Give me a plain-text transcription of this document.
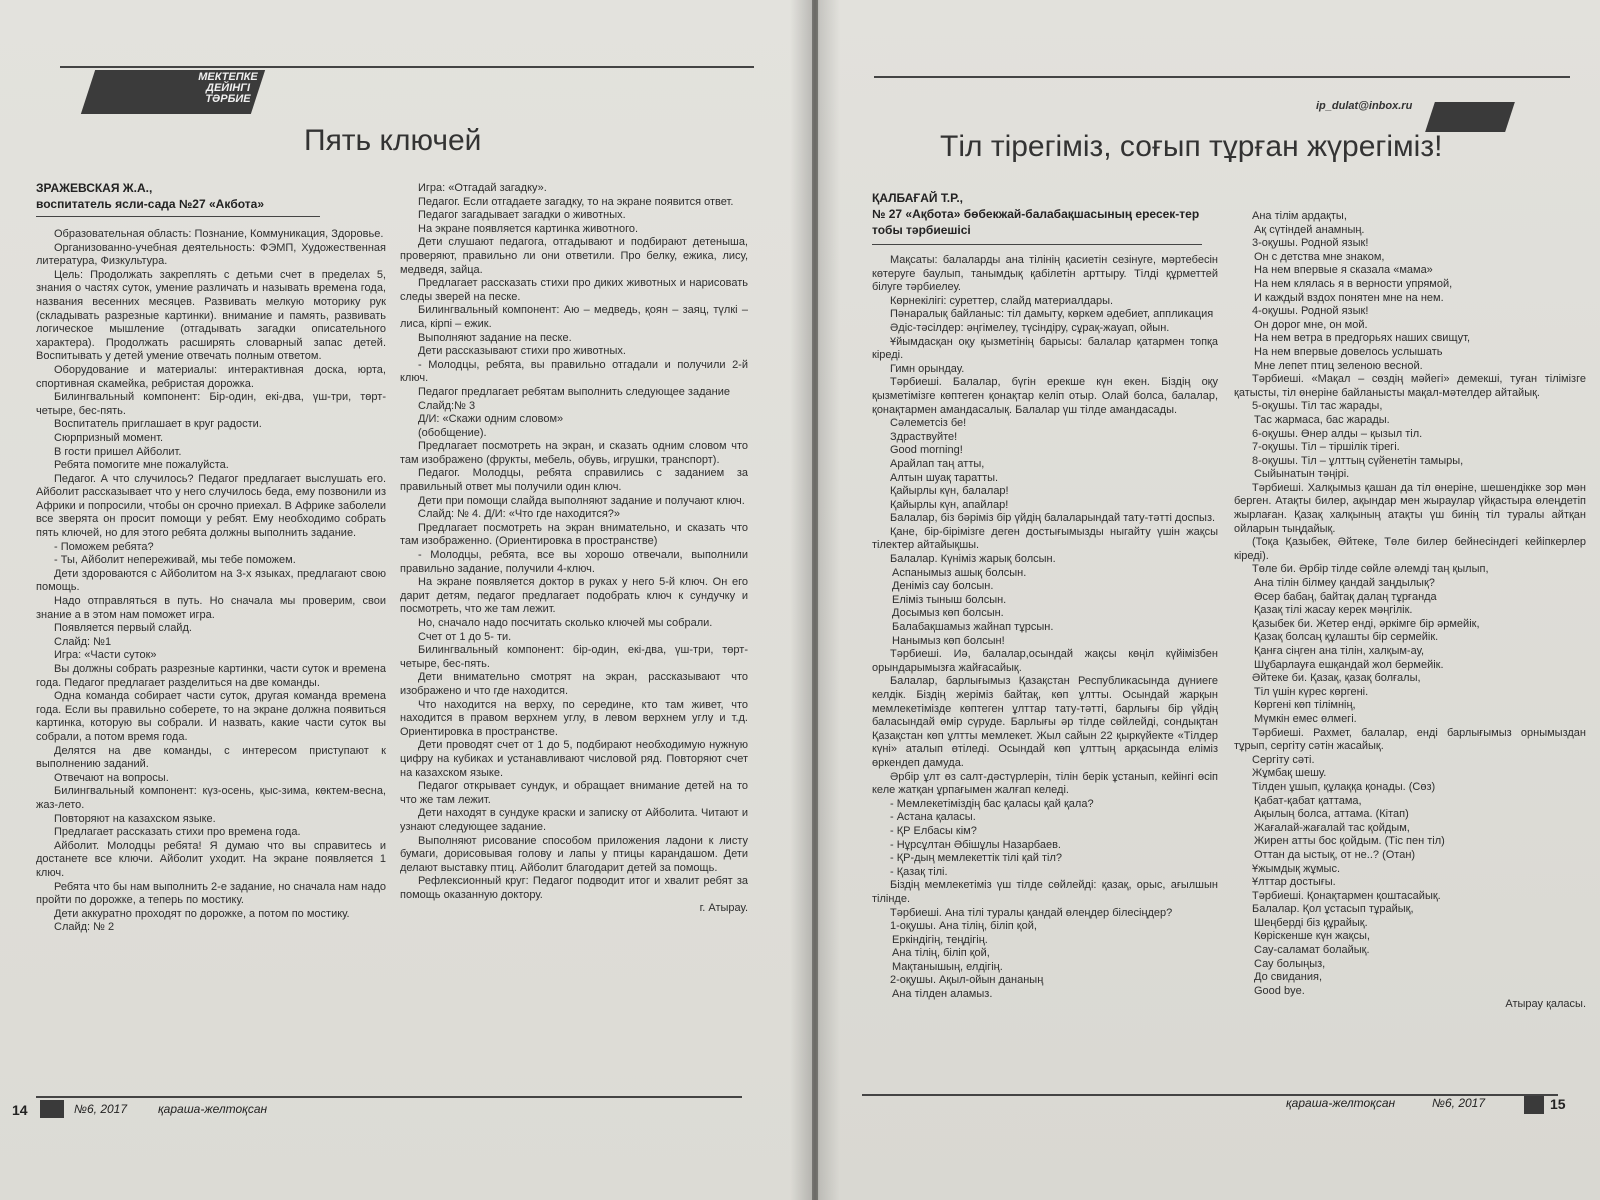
МЕКТЕПКЕ
ДЕЙІНГІ
ТӘРБИЕ
Пять ключей
ЗРАЖЕВСКАЯ Ж.А.,
воспитатель ясли-сада №27 «Акбота»

Образовательная область: Познание, Коммуникация, Здоровье.

Организованно-учебная деятельность: ФЭМП, Художественная литература, Физкультура.

Цель: Продолжать закреплять с детьми счет в пределах 5, знания о частях суток, умение различать и называть времена года, названия весенних месяцев. Развивать мелкую моторику рук (складывать разрезные картинки). внимание и память, развивать логическое мышление (отгадывать загадки описательного характера). Продолжать расширять словарный запас детей. Воспитывать у детей умение отвечать полным ответом.

Оборудование и материалы: интерактивная доска, юрта, спортивная скамейка, ребристая дорожка.

Билингвальный компонент: Бір-один, екі-два, үш-три, төрт-четыре, бес-пять.

Воспитатель приглашает в круг радости.

Сюрпризный момент.

В гости пришел Айболит.

Ребята помогите мне пожалуйста.

Педагог. А что случилось? Педагог предлагает выслушать его. Айболит рассказывает что у него случилось беда, ему позвонили из Африки и попросили, чтобы он срочно приехал. В Африке заболели все зверята он просит помощи у ребят. Ему необходимо собрать пять ключей, но для этого ребята должны выполнить задание.

- Поможем ребята?

- Ты, Айболит непереживай, мы тебе поможем.

Дети здороваются с Айболитом на 3-х языках, предлагают свою помощь.

Надо отправляться в путь. Но сначала мы проверим, свои знание а в этом нам поможет игра.

Появляется первый слайд.

Слайд: №1

Игра: «Части суток»

Вы должны собрать разрезные картинки, части суток и времена года. Педагог предлагает разделиться на две команды.

Одна команда собирает части суток, другая команда времена года. Если вы правильно соберете, то на экране должна появиться картинка, которую вы собрали. И назвать, какие части суток вы собрали, а потом время года.

Делятся на две команды, с интересом приступают к выполнению заданий.

Отвечают на вопросы.

Билингвальный компонент: күз-осень, қыс-зима, көктем-весна, жаз-лето.

Повторяют на казахском языке.

Предлагает рассказать стихи про времена года.

Айболит. Молодцы ребята! Я думаю что вы справитесь и достанете все ключи. Айболит уходит. На экране появляется 1 ключ.

Ребята что бы нам выполнить 2-е задание, но сначала нам надо пройти по дорожке, а теперь по мостику.

Дети аккуратно проходят по дорожке, а потом по мостику.

Слайд: № 2

Игра: «Отгадай загадку».

Педагог. Если отгадаете загадку, то на экране появится ответ.

Педагог загадывает загадки о животных.

На экране появляется картинка животного.

Дети слушают педагога, отгадывают и подбирают детеныша, проверяют, правильно ли они ответили. Про белку, ежика, лису, медведя, зайца.

Предлагает рассказать стихи про диких животных и нарисовать следы зверей на песке.

Билингвальный компонент: Аю – медведь, қоян – заяц, түлкі – лиса, кірпі – ежик.

Выполняют задание на песке.

Дети рассказывают стихи про животных.

- Молодцы, ребята, вы правильно отгадали и получили 2-й ключ.

Педагог предлагает ребятам выполнить следующее задание

Слайд:№ 3

Д/И: «Скажи одним словом»

(обобщение).

Предлагает посмотреть на экран, и сказать одним словом что там изображено (фрукты, мебель, обувь, игрушки, транспорт).

Педагог. Молодцы, ребята справились с заданием за правильный ответ мы получили один ключ.

Дети при помощи слайда выполняют задание и получают ключ.

Слайд: № 4. Д/И: «Что где находится?»

Предлагает посмотреть на экран внимательно, и сказать что там изображенно. (Ориентировка в пространстве)

- Молодцы, ребята, все вы хорошо отвечали, выполнили правильно задание, получили 4-ключ.

На экране появляется доктор в руках у него 5-й ключ. Он его дарит детям, педагог предлагает подобрать ключ к сундучку и посмотреть, что же там лежит.

Но, сначало надо посчитать сколько ключей мы собрали.

Счет от 1 до 5- ти.

Билингвальный компонент: бір-один, екі-два, үш-три, төрт-четыре, бес-пять.

Дети внимательно смотрят на экран, рассказывают что изображено и что где находится.

Что находится на верху, по середине, кто там живет, что находится в правом верхнем углу, в левом верхнем углу и т.д. Ориентировка в пространстве.

Дети проводят счет от 1 до 5, подбирают необходимую нужную цифру на кубиках и устанавливают числовой ряд. Повторяют счет на казахском языке.

Педагог открывает сундук, и обращает внимание детей на то что же там лежит.

Дети находят в сундуке краски и записку от Айболита. Читают и узнают следующее задание.

Выполняют рисование способом приложения ладони к листу бумаги, дорисовывая голову и лапы у птицы карандашом. Дети делают выставку птиц. Айболит благодарит детей за помощь.

Рефлексионный круг: Педагог подводит итог и хвалит ребят за помощь оказанную доктору.

г. Атырау.

14	№6, 2017	қараша-желтоқсан
ip_dulat@inbox.ru
Тіл тірегіміз, соғып тұрған жүрегіміз!
ҚАЛБАҒАЙ Т.Р.,
№ 27 «Ақбота» бөбекжай-балабақшасының ересек-тер тобы тәрбиешісі

Мақсаты: балаларды ана тілінің қасиетін сезінуге, мәртебесін көтеруге баулып, танымдық қабілетін арттыру. Тілді құрметтей білуге тәрбиелеу.

Көрнекілігі: суреттер, слайд материалдары.

Пәнаралық байланыс: тіл дамыту, көркем әдебиет, аппликация

Әдіс-тәсілдер: әңгімелеу, түсіндіру, сұрақ-жауап, ойын.

Ұйымдасқан оқу қызметінің барысы: балалар қатармен топқа кіреді.

Гимн орындау.

Тәрбиеші. Балалар, бүгін ерекше күн екен. Біздің оқу қызметімізге көптеген қонақтар келіп отыр. Олай болса, балалар, қонақтармен амандасалық. Балалар үш тілде амандасады.

Сәлеметсіз бе!

Здраствуйте!

Good morning!

Арайлап таң атты,

Алтын шуақ таратты.

Қайырлы күн, балалар!

Қайырлы күн, апайлар!

Балалар, біз бәріміз бір үйдің балаларындай тату-тәтті доспыз.

Қане, бір-бірімізге деген достығымызды ныгайту үшін жақсы тілектер айтайықшы.

Балалар. Күніміз жарық болсын.

Аспанымыз ашық болсын.

Деніміз сау болсын.

Еліміз тыныш болсын.

Досымыз көп болсын.

Балабақшамыз жайнап тұрсын.

Нанымыз көп болсын!

Тәрбиеші. Иә, балалар,осындай жақсы көңіл күйімізбен орындарымызға жайғасайық.

Балалар, барлығымыз Қазақстан Республикасында дүниеге келдік. Біздің жеріміз байтақ, көп ұлтты. Осындай жарқын мемлекетімізде көптеген ұлттар тату-тәтті, барлығы бір үйдің баласындай өмір сүруде. Барлығы әр тілде сөйлейді, сондықтан Қазақстан көп ұлтты мемлекет. Жыл сайын 22 қыркүйекте «Тілдер күні» аталып өтіледі. Осындай көп ұлттың арқасында еліміз өркендеп дамуда.

Әрбір ұлт өз салт-дәстүрлерін, тілін берік ұстанып, кейінгі өсіп келе жатқан ұрпағымен жалғап келеді.

- Мемлекетіміздің бас қаласы қай қала?

- Астана қаласы.

- ҚР Елбасы кім?

- Нұрсұлтан Әбішұлы Назарбаев.

- ҚР-дың мемлекеттік тілі қай тіл?

- Қазақ тілі.

Біздің мемлекетіміз үш тілде сөйлейді: қазақ, орыс, ағылшын тілінде.

Тәрбиеші. Ана тілі туралы қандай өлеңдер білесіңдер?

1-оқушы. Ана тілің, біліп қой,

Еркіндігің, теңдігің.

Ана тілің, біліп қой,

Мақтанышың, елдігің.

2-оқушы. Ақыл-ойын дананың

Ана тілден аламыз.

Ана тілім ардақты,

Ақ сүтіндей анамның.

3-оқушы. Родной язык!

Он с детства мне знаком,

На нем впервые я сказала «мама»

На нем клялась я в верности упрямой,

И каждый вздох понятен мне на нем.

4-оқушы. Родной язык!

Он дорог мне, он мой.

На нем ветра в предгорьях наших свищут,

На нем впервые довелось услышать

Мне лепет птиц зеленою весной.

Тәрбиеші. «Мақал – сөздің мәйегі» демекші, туған тілімізге қатысты, тіл өнеріне байланысты мақал-мәтелдер айтайық.

5-оқушы. Тіл тас жарады,

Тас жармаса, бас жарады.

6-оқушы. Өнер алды – қызыл тіл.

7-оқушы. Тіл – тіршілік тірегі.

8-оқушы. Тіл – ұлттың сүйенетін тамыры,

Сыйынатын тәңірі.

Тәрбиеші. Халқымыз қашан да тіл өнеріне, шешендікке зор мән берген. Атақты билер, ақындар мен жыраулар үйқастыра өлеңдетіп жырлаған. Қазақ халқының атақты үш бинің тіл туралы айтқан ойларын тыңдайық.

(Тоқа Қазыбек, Әйтеке, Төле билер бейнесіндегі кейіпкерлер кіреді).

Төле би. Әрбір тілде сөйле әлемді таң қылып,

Ана тілін білмеу қандай заңдылық?

Өсер бабаң, байтақ далаң тұрғанда

Қазақ тілі жасау керек мәңгілік.

Қазыбек би. Жетер енді, әркімге бір әрмейік,

Қазақ болсаң құлашты бір сермейік.

Қанға сіңген ана тілін, халқым-ау,

Шұбарлауға ешқандай жол бермейік.

Әйтеке би. Қазақ, қазақ болғалы,

Тіл үшін күрес көргені.

Көргені көп тілімнің,

Мүмкін емес өлмегі.

Тәрбиеші. Рахмет, балалар, енді барлығымыз орнымыздан тұрып, сергіту сәтін жасайық.

Сергіту сәті.

Жұмбақ шешу.

Тілден ұшып, құлаққа қонады. (Сөз)

Қабат-қабат қаттама,

Ақылың болса, аттама. (Кітап)

Жағалай-жағалай тас қойдым,

Жирен атты бос қойдым. (Тіс пен тіл)

Оттан да ыстық, от не..? (Отан)

Ұжымдық жұмыс.

Ұлттар достығы.

Тәрбиеші. Қонақтармен қоштасайық.

Балалар. Қол ұстасып тұрайық,

Шеңберді біз құрайық.

Көріскенше күн жақсы,

Сау-саламат болайық.

Сау болыңыз,

До свидания,

Good bye.

Атырау қаласы.

қараша-желтоқсан	№6, 2017	15
